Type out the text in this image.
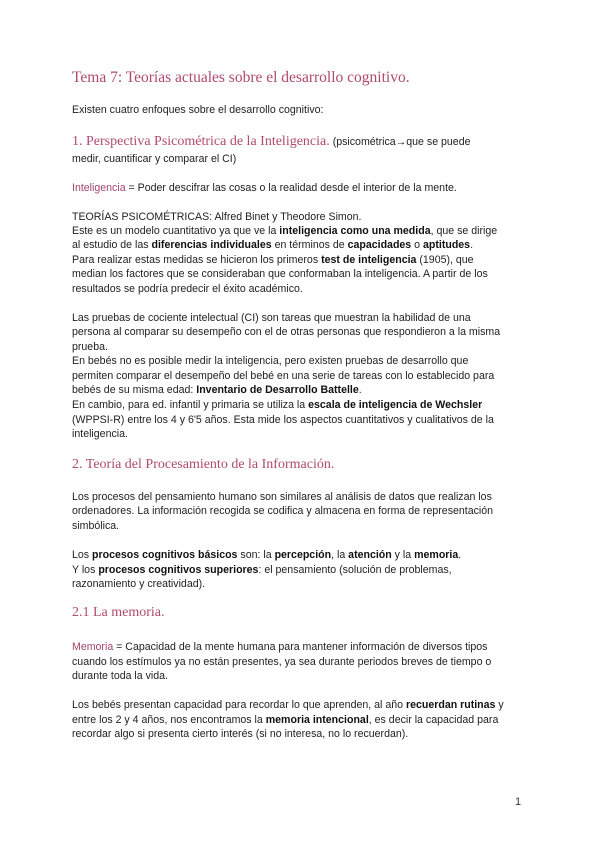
Tema 7: Teorías actuales sobre el desarrollo cognitivo.
Existen cuatro enfoques sobre el desarrollo cognitivo:
1. Perspectiva Psicométrica de la Inteligencia. (psicométrica→que se puede
medir, cuantificar y comparar el CI)
Inteligencia = Poder descifrar las cosas o la realidad desde el interior de la mente.
TEORÍAS PSICOMÉTRICAS: Alfred Binet y Theodore Simon.
Este es un modelo cuantitativo ya que ve la inteligencia como una medida, que se dirige
al estudio de las diferencias individuales en términos de capacidades o aptitudes.
Para realizar estas medidas se hicieron los primeros test de inteligencia (1905), que
median los factores que se consideraban que conformaban la inteligencia. A partir de los
resultados se podría predecir el éxito académico.
Las pruebas de cociente intelectual (CI) son tareas que muestran la habilidad de una
persona al comparar su desempeño con el de otras personas que respondieron a la misma
prueba.
En bebés no es posible medir la inteligencia, pero existen pruebas de desarrollo que
permiten comparar el desempeño del bebé en una serie de tareas con lo establecido para
bebés de su misma edad: Inventario de Desarrollo Battelle.
En cambio, para ed. infantil y primaria se utiliza la escala de inteligencia de Wechsler
(WPPSI-R) entre los 4 y 6'5 años. Esta mide los aspectos cuantitativos y cualitativos de la
inteligencia.
2. Teoría del Procesamiento de la Información.
Los procesos del pensamiento humano son similares al análisis de datos que realizan los
ordenadores. La información recogida se codifica y almacena en forma de representación
simbólica.
Los procesos cognitivos básicos son: la percepción, la atención y la memoria.
Y los procesos cognitivos superiores: el pensamiento (solución de problemas,
razonamiento y creatividad).
2.1 La memoria.
Memoria = Capacidad de la mente humana para mantener información de diversos tipos
cuando los estímulos ya no están presentes, ya sea durante periodos breves de tiempo o
durante toda la vida.
Los bebés presentan capacidad para recordar lo que aprenden, al año recuerdan rutinas y
entre los 2 y 4 años, nos encontramos la memoria intencional, es decir la capacidad para
recordar algo si presenta cierto interés (si no interesa, no lo recuerdan).
1
